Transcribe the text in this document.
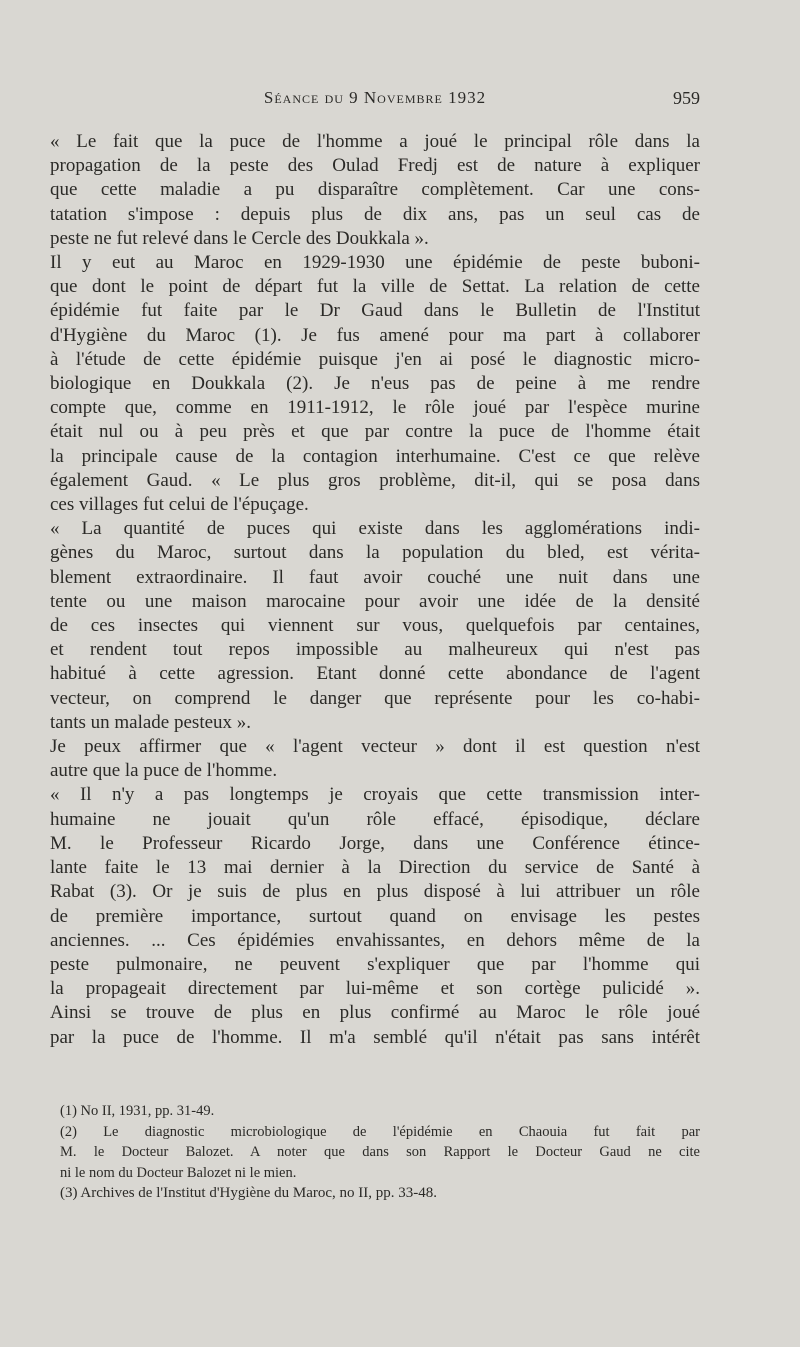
Séance du 9 Novembre 1932	959
« Le fait que la puce de l'homme a joué le principal rôle dans la
propagation de la peste des Oulad Fredj est de nature à expliquer
que cette maladie a pu disparaître complètement. Car une cons-
tatation s'impose : depuis plus de dix ans, pas un seul cas de
peste ne fut relevé dans le Cercle des Doukkala ».
Il y eut au Maroc en 1929-1930 une épidémie de peste buboni-
que dont le point de départ fut la ville de Settat. La relation de cette
épidémie fut faite par le Dr Gaud dans le Bulletin de l'Institut
d'Hygiène du Maroc (1). Je fus amené pour ma part à collaborer
à l'étude de cette épidémie puisque j'en ai posé le diagnostic micro-
biologique en Doukkala (2). Je n'eus pas de peine à me rendre
compte que, comme en 1911-1912, le rôle joué par l'espèce murine
était nul ou à peu près et que par contre la puce de l'homme était
la principale cause de la contagion interhumaine. C'est ce que relève
également Gaud. « Le plus gros problème, dit-il, qui se posa dans
ces villages fut celui de l'épuçage.
« La quantité de puces qui existe dans les agglomérations indi-
gènes du Maroc, surtout dans la population du bled, est vérita-
blement extraordinaire. Il faut avoir couché une nuit dans une
tente ou une maison marocaine pour avoir une idée de la densité
de ces insectes qui viennent sur vous, quelquefois par centaines,
et rendent tout repos impossible au malheureux qui n'est pas
habitué à cette agression. Etant donné cette abondance de l'agent
vecteur, on comprend le danger que représente pour les co-habi-
tants un malade pesteux ».
Je peux affirmer que « l'agent vecteur » dont il est question n'est
autre que la puce de l'homme.
« Il n'y a pas longtemps je croyais que cette transmission inter-
humaine ne jouait qu'un rôle effacé, épisodique, déclare
M. le Professeur Ricardo Jorge, dans une Conférence étince-
lante faite le 13 mai dernier à la Direction du service de Santé à
Rabat (3). Or je suis de plus en plus disposé à lui attribuer un rôle
de première importance, surtout quand on envisage les pestes
anciennes. ... Ces épidémies envahissantes, en dehors même de la
peste pulmonaire, ne peuvent s'expliquer que par l'homme qui
la propageait directement par lui-même et son cortège pulicidé ».
Ainsi se trouve de plus en plus confirmé au Maroc le rôle joué
par la puce de l'homme. Il m'a semblé qu'il n'était pas sans intérêt
(1) No II, 1931, pp. 31-49.
(2) Le diagnostic microbiologique de l'épidémie en Chaouia fut fait par
M. le Docteur Balozet. A noter que dans son Rapport le Docteur Gaud ne cite
ni le nom du Docteur Balozet ni le mien.
(3) Archives de l'Institut d'Hygiène du Maroc, no II, pp. 33-48.
